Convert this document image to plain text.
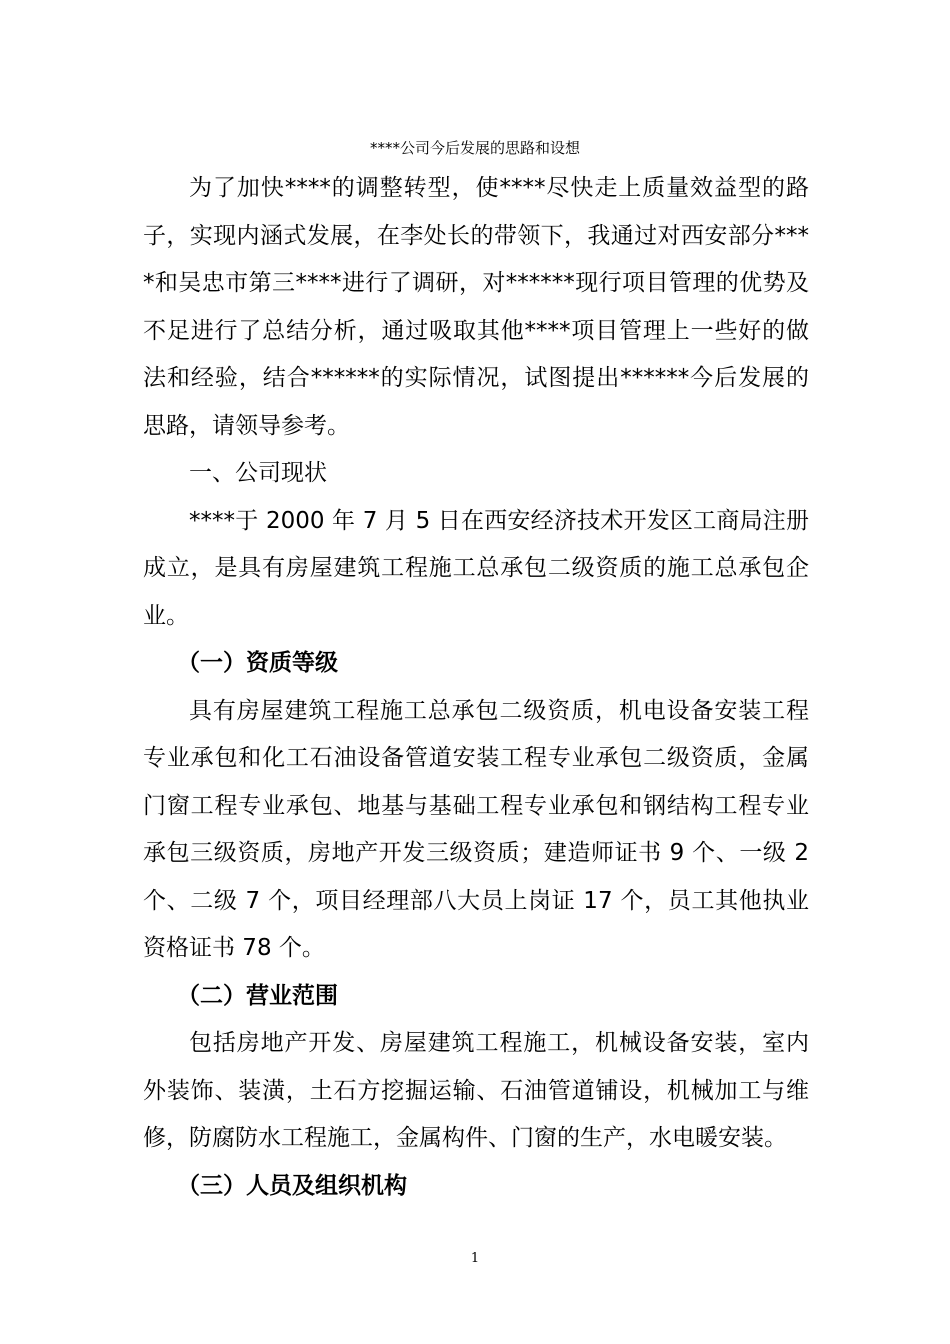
****公司今后发展的思路和设想

为了加快****的调整转型，使****尽快走上质量效益型的路子，实现内涵式发展，在李处长的带领下，我通过对西安部分****和吴忠市第三****进行了调研，对******现行项目管理的优势及不足进行了总结分析，通过吸取其他****项目管理上一些好的做法和经验，结合******的实际情况，试图提出******今后发展的思路，请领导参考。

一、公司现状

****于 2000 年 7 月 5 日在西安经济技术开发区工商局注册成立，是具有房屋建筑工程施工总承包二级资质的施工总承包企业。

（一）资质等级

具有房屋建筑工程施工总承包二级资质，机电设备安装工程专业承包和化工石油设备管道安装工程专业承包二级资质，金属门窗工程专业承包、地基与基础工程专业承包和钢结构工程专业承包三级资质，房地产开发三级资质；建造师证书 9 个、一级 2 个、二级 7 个，项目经理部八大员上岗证 17 个，员工其他执业资格证书 78 个。

（二）营业范围

包括房地产开发、房屋建筑工程施工，机械设备安装，室内外装饰、装潢，土石方挖掘运输、石油管道铺设，机械加工与维修，防腐防水工程施工，金属构件、门窗的生产，水电暖安装。

（三）人员及组织机构

1
